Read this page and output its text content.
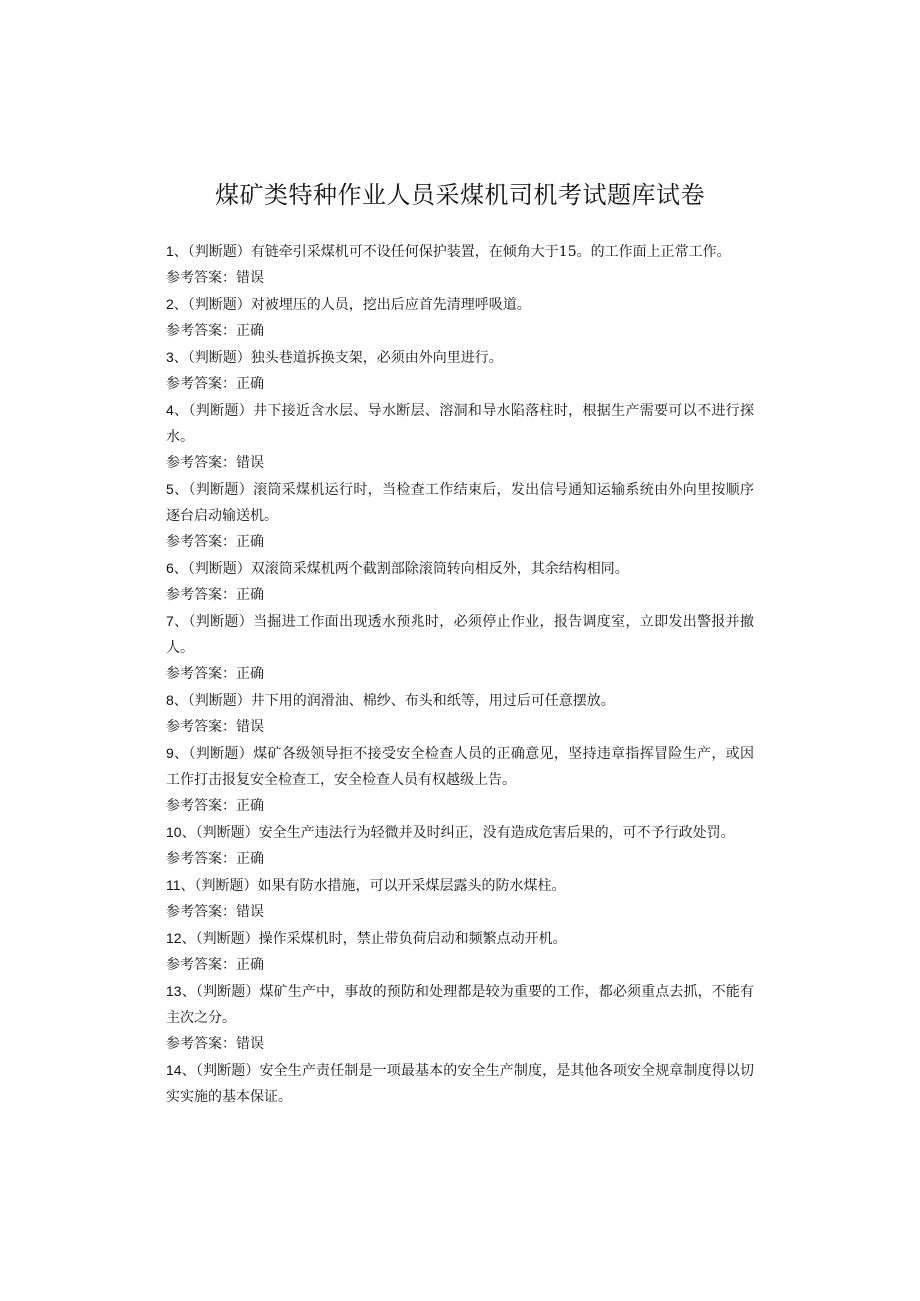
煤矿类特种作业人员采煤机司机考试题库试卷

1、（判断题）有链牵引采煤机可不设任何保护装置，在倾角大于15。的工作面上正常工作。

参考答案：错误

2、（判断题）对被埋压的人员，挖出后应首先清理呼吸道。

参考答案：正确

3、（判断题）独头巷道拆换支架，必须由外向里进行。

参考答案：正确

4、（判断题）井下接近含水层、导水断层、溶洞和导水陷落柱时，根据生产需要可以不进行探水。

参考答案：错误

5、（判断题）滚筒采煤机运行时，当检查工作结束后，发出信号通知运输系统由外向里按顺序逐台启动输送机。

参考答案：正确

6、（判断题）双滚筒采煤机两个截割部除滚筒转向相反外，其余结构相同。

参考答案：正确

7、（判断题）当掘进工作面出现透水预兆时，必须停止作业，报告调度室，立即发出警报并撤人。

参考答案：正确

8、（判断题）井下用的润滑油、棉纱、布头和纸等，用过后可任意摆放。

参考答案：错误

9、（判断题）煤矿各级领导拒不接受安全检查人员的正确意见，坚持违章指挥冒险生产，或因工作打击报复安全检查工，安全检查人员有权越级上告。

参考答案：正确

10、（判断题）安全生产违法行为轻微并及时纠正，没有造成危害后果的，可不予行政处罚。

参考答案：正确

11、（判断题）如果有防水措施，可以开采煤层露头的防水煤柱。

参考答案：错误

12、（判断题）操作采煤机时，禁止带负荷启动和频繁点动开机。

参考答案：正确

13、（判断题）煤矿生产中，事故的预防和处理都是较为重要的工作，都必须重点去抓，不能有主次之分。

参考答案：错误

14、（判断题）安全生产责任制是一项最基本的安全生产制度，是其他各项安全规章制度得以切实实施的基本保证。
